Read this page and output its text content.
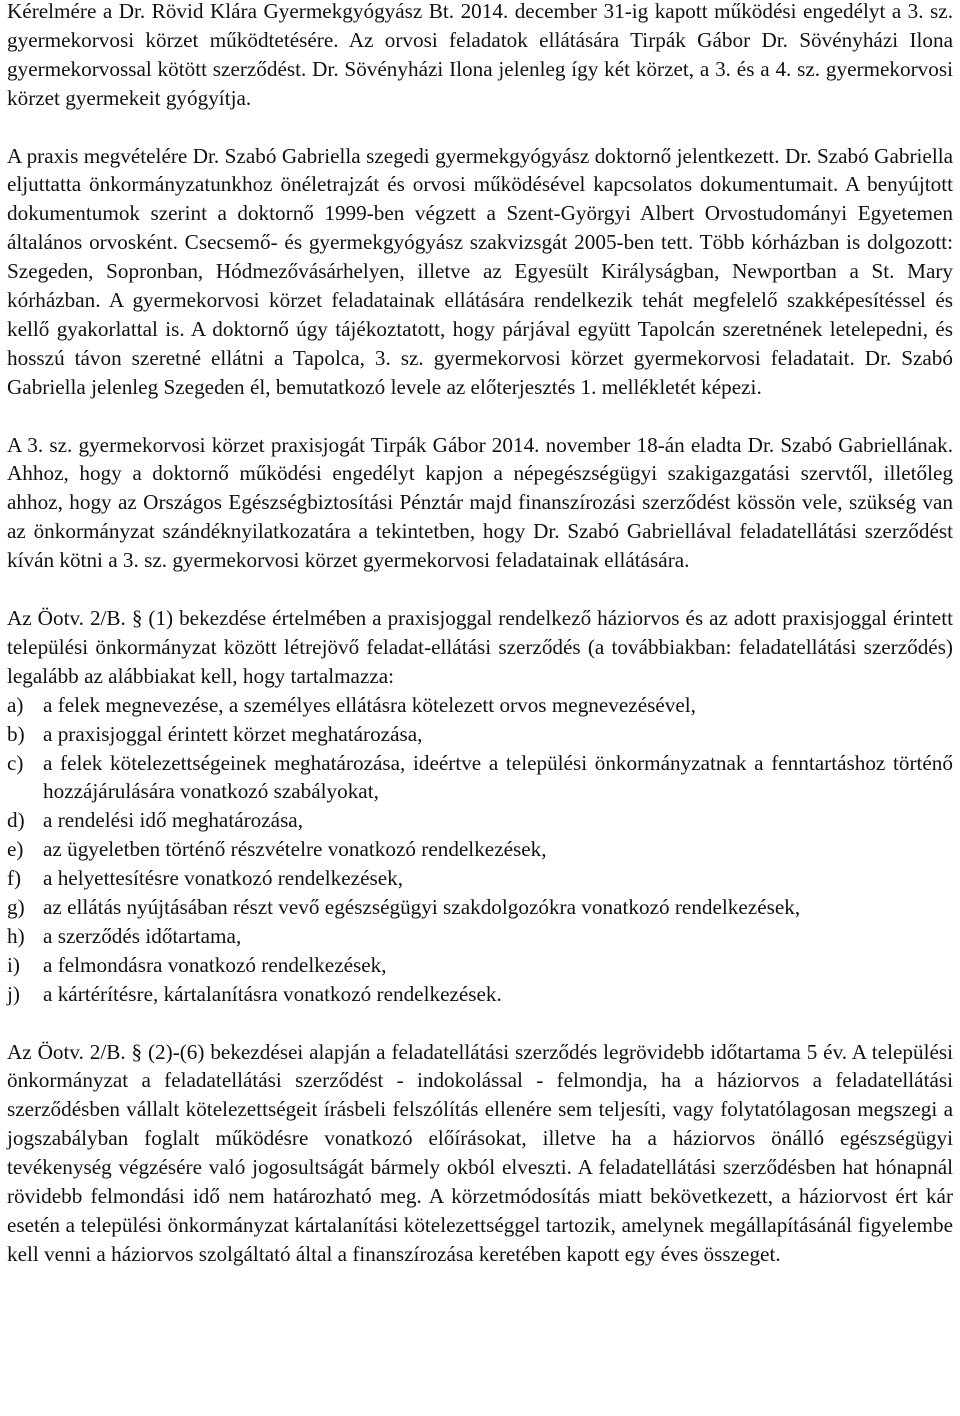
Kérelmére a Dr. Rövid Klára Gyermekgyógyász Bt. 2014. december 31-ig kapott működési engedélyt a 3. sz. gyermekorvosi körzet működtetésére. Az orvosi feladatok ellátására Tirpák Gábor Dr. Sövényházi Ilona gyermekorvossal kötött szerződést. Dr. Sövényházi Ilona jelenleg így két körzet, a 3. és a 4. sz. gyermekorvosi körzet gyermekeit gyógyítja.

A praxis megvételére Dr. Szabó Gabriella szegedi gyermekgyógyász doktornő jelentkezett. Dr. Szabó Gabriella eljuttatta önkormányzatunkhoz önéletrajzát és orvosi működésével kapcsolatos dokumentumait. A benyújtott dokumentumok szerint a doktornő 1999-ben végzett a Szent-Györgyi Albert Orvostudományi Egyetemen általános orvosként. Csecsemő- és gyermekgyógyász szakvizsgát 2005-ben tett. Több kórházban is dolgozott: Szegeden, Sopronban, Hódmezővásárhelyen, illetve az Egyesült Királyságban, Newportban a St. Mary kórházban. A gyermekorvosi körzet feladatainak ellátására rendelkezik tehát megfelelő szakképesítéssel és kellő gyakorlattal is. A doktornő úgy tájékoztatott, hogy párjával együtt Tapolcán szeretnének letelepedni, és hosszú távon szeretné ellátni a Tapolca, 3. sz. gyermekorvosi körzet gyermekorvosi feladatait. Dr. Szabó Gabriella jelenleg Szegeden él, bemutatkozó levele az előterjesztés 1. mellékletét képezi.

A 3. sz. gyermekorvosi körzet praxisjogát Tirpák Gábor 2014. november 18-án eladta Dr. Szabó Gabriellának. Ahhoz, hogy a doktornő működési engedélyt kapjon a népegészségügyi szakigazgatási szervtől, illetőleg ahhoz, hogy az Országos Egészségbiztosítási Pénztár majd finanszírozási szerződést kössön vele, szükség van az önkormányzat szándéknyilatkozatára a tekintetben, hogy Dr. Szabó Gabriellával feladatellátási szerződést kíván kötni a 3. sz. gyermekorvosi körzet gyermekorvosi feladatainak ellátására.

Az Öotv. 2/B. § (1) bekezdése értelmében a praxisjoggal rendelkező háziorvos és az adott praxisjoggal érintett települési önkormányzat között létrejövő feladat-ellátási szerződés (a továbbiakban: feladatellátási szerződés) legalább az alábbiakat kell, hogy tartalmazza:

a) a felek megnevezése, a személyes ellátásra kötelezett orvos megnevezésével,
b) a praxisjoggal érintett körzet meghatározása,
c) a felek kötelezettségeinek meghatározása, ideértve a települési önkormányzatnak a fenntartáshoz történő hozzájárulására vonatkozó szabályokat,
d) a rendelési idő meghatározása,
e) az ügyeletben történő részvételre vonatkozó rendelkezések,
f)	a helyettesítésre vonatkozó rendelkezések,
g) az ellátás nyújtásában részt vevő egészségügyi szakdolgozókra vonatkozó rendelkezések,
h) a szerződés időtartama,
i)	a felmondásra vonatkozó rendelkezések,
j)	a kártérítésre, kártalanításra vonatkozó rendelkezések.

Az Öotv. 2/B. § (2)-(6) bekezdései alapján a feladatellátási szerződés legrövidebb időtartama 5 év. A települési önkormányzat a feladatellátási szerződést - indokolással - felmondja, ha a háziorvos a feladatellátási szerződésben vállalt kötelezettségeit írásbeli felszólítás ellenére sem teljesíti, vagy folytatólagosan megszegi a jogszabályban foglalt működésre vonatkozó előírásokat, illetve ha a háziorvos önálló egészségügyi tevékenység végzésére való jogosultságát bármely okból elveszti. A feladatellátási szerződésben hat hónapnál rövidebb felmondási idő nem határozható meg. A körzetmódosítás miatt bekövetkezett, a háziorvost ért kár esetén a települési önkormányzat kártalanítási kötelezettséggel tartozik, amelynek megállapításánál figyelembe kell venni a háziorvos szolgáltató által a finanszírozása keretében kapott egy éves összeget.
